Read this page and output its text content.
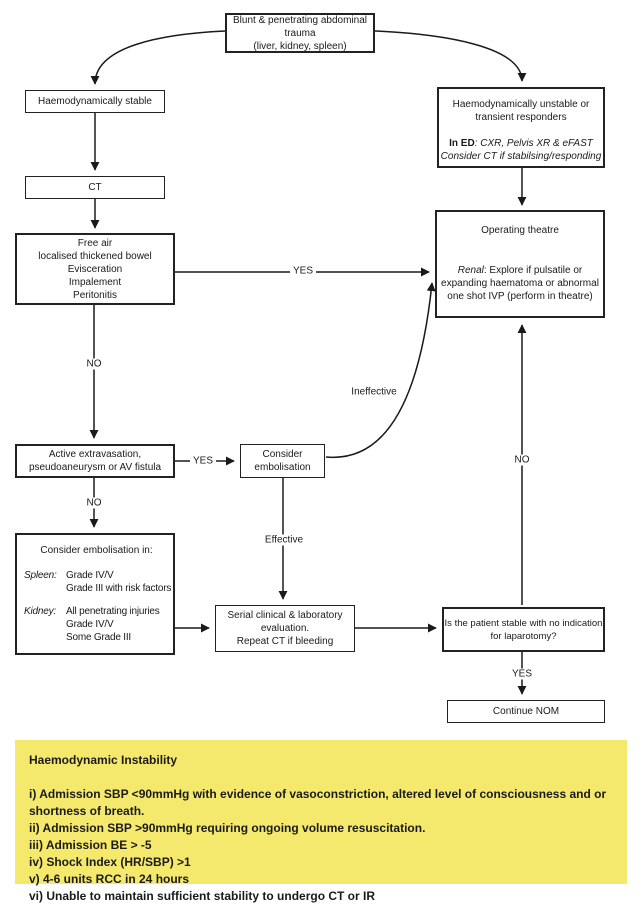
Blunt & penetrating abdominal
trauma
(liver, kidney, spleen)
Haemodynamically stable
CT
Free air
localised thickened bowel
Evisceration
Impalement
Peritonitis
Haemodynamically unstable or
transient responders
In ED: CXR, Pelvis XR & eFAST
Consider CT if stabilsing/responding
Operating theatre
Renal: Explore if pulsatile or
expanding haematoma or abnormal
one shot IVP (perform in theatre)
Active extravasation,
pseudoaneurysm or AV fistula
Consider
embolisation
Consider embolisation in:
Spleen: Grade IV/V
Grade III with risk factors
Kidney:	All penetrating injuries
Grade IV/V
Some Grade III
Serial clinical & laboratory
evaluation.
Repeat CT if bleeding
Is the patient stable with no indication
for laparotomy?
Continue NOM
YES
NO
YES
NO
Ineffective
Effective
NO
YES
Haemodynamic Instability
i) Admission SBP <90mmHg with evidence of vasoconstriction, altered level of consciousness and or shortness of breath.
ii) Admission SBP >90mmHg requiring ongoing volume resuscitation.
iii) Admission BE > -5
iv) Shock Index (HR/SBP) >1
v) 4-6 units RCC in 24 hours
vi) Unable to maintain sufficient stability to undergo CT or IR
